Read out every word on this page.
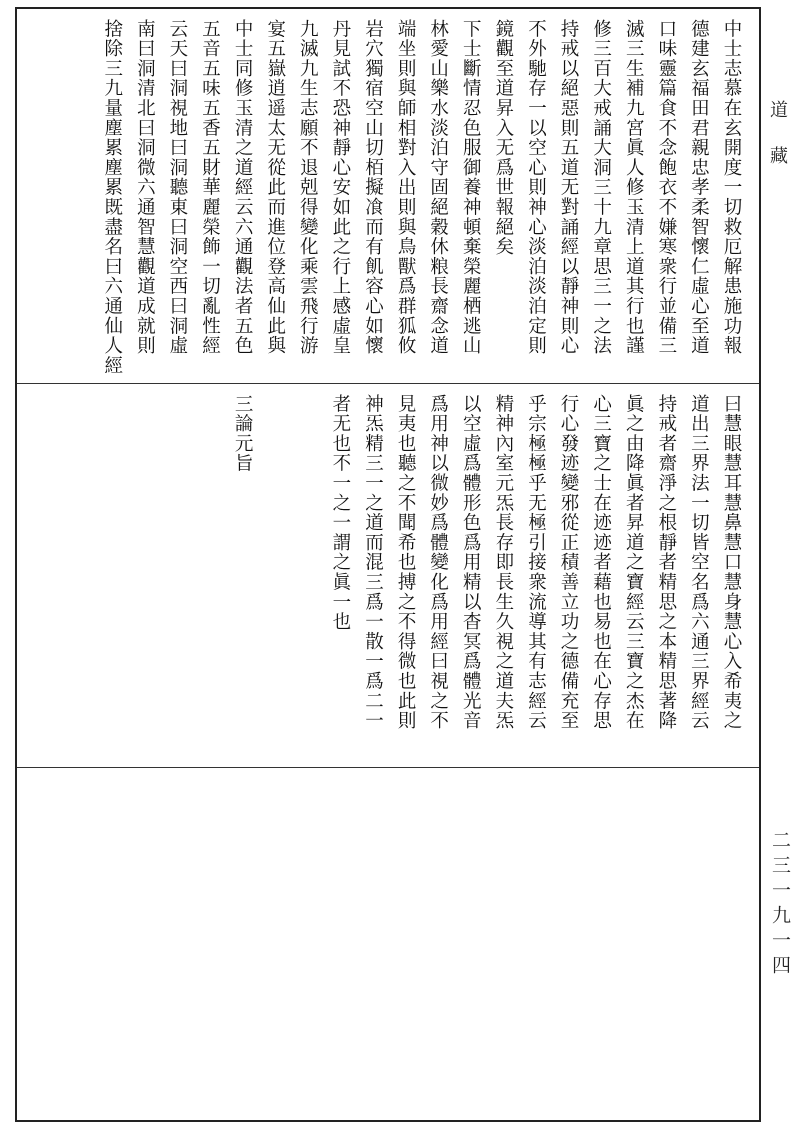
中士志慕在玄開度一切救厄解患施功報
德建玄福田君親忠孝柔智懷仁虛心至道
口味靈篇食不念飽衣不嫌寒衆行並備三
滅三生補九宮眞人修玉清上道其行也謹
修三百大戒誦大洞三十九章思三一之法
持戒以絕惡則五道无對誦經以靜神則心
不外馳存一以空心則神心淡泊淡泊定則
鏡觀至道昇入无爲世報絕矣
下士斷情忍色服御養神頓棄榮麗栖逃山
林愛山樂水淡泊守固絕穀休粮長齋念道
端坐則與師相對入出則與鳥獸爲群狐攸
岩穴獨宿空山切栢擬飡而有飢容心如懷
丹見試不恐神靜心安如此之行上感虛皇
九滅九生志願不退剋得變化乘雲飛行游
宴五嶽逍遥太无從此而進位登高仙此與
中士同修玉清之道經云六通觀法者五色
五音五味五香五財華麗榮飾一切亂性經
云天曰洞視地曰洞聽東曰洞空西曰洞虛
南曰洞清北曰洞微六通智慧觀道成就則
捨除三九量塵累塵累既盡名曰六通仙人經
曰慧眼慧耳慧鼻慧口慧身慧心入希夷之
道出三界法一切皆空名爲六通三界經云
持戒者齋淨之根靜者精思之本精思著降
眞之由降眞者昇道之寶經云三寶之杰在
心三寶之士在迹迹者藉也易也在心存思
行心發迹變邪從正積善立功之德備充至
乎宗極極乎无極引接衆流導其有志經云
精神內室元炁長存即長生久視之道夫炁
以空虛爲體形色爲用精以杳冥爲體光音
爲用神以微妙爲體變化爲用經曰視之不
見夷也聽之不聞希也搏之不得微也此則
神炁精三一之道而混三爲一散一爲二一
者无也不一之一謂之眞一也
三論元旨
道藏
二三一九一四
